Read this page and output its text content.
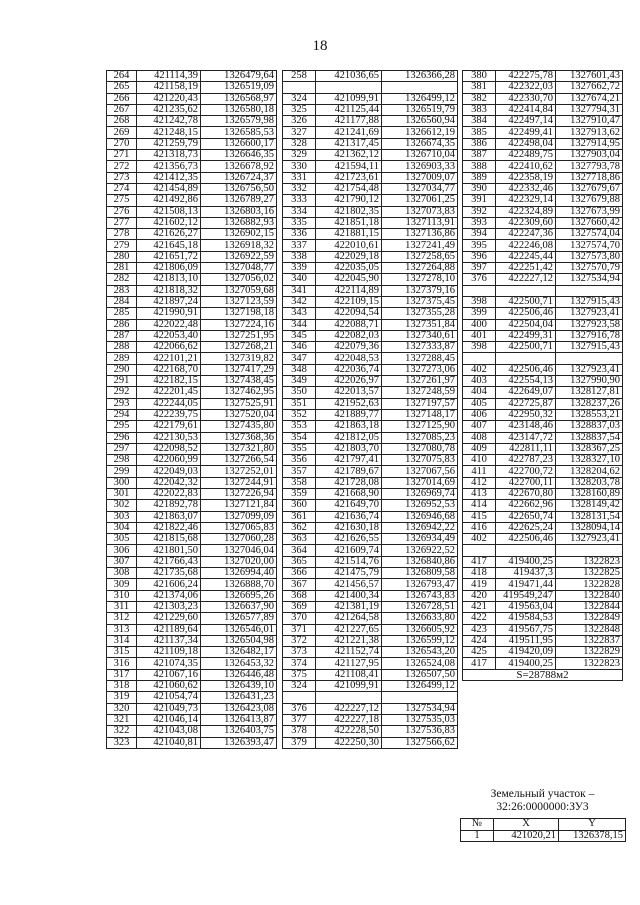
18
264	421114,39	1326479,64
265	421158,19	1326519,09
266	421220,43	1326568,97
267	421235,62	1326580,18
268	421242,78	1326579,98
269	421248,15	1326585,53
270	421259,79	1326600,17
271	421318,73	1326646,35
272	421356,73	1326678,92
273	421412,35	1326724,37
274	421454,89	1326756,50
275	421492,86	1326789,27
276	421508,13	1326803,16
277	421602,12	1326882,93
278	421626,27	1326902,15
279	421645,18	1326918,32
280	421651,72	1326922,59
281	421806,09	1327048,77
282	421813,10	1327056,02
283	421818,32	1327059,68
284	421897,24	1327123,59
285	421990,91	1327198,18
286	422022,48	1327224,16
287	422053,40	1327251,95
288	422066,62	1327268,21
289	422101,21	1327319,82
290	422168,70	1327417,29
291	422182,15	1327438,45
292	422201,45	1327462,95
293	422244,05	1327525,91
294	422239,75	1327520,04
295	422179,61	1327435,80
296	422130,53	1327368,36
297	422098,52	1327321,80
298	422060,99	1327266,54
299	422049,03	1327252,01
300	422042,32	1327244,91
301	422022,83	1327226,94
302	421892,78	1327121,84
303	421863,07	1327099,09
304	421822,46	1327065,83
305	421815,68	1327060,28
306	421801,50	1327046,04
307	421766,43	1327020,00
308	421735,68	1326994,40
309	421606,24	1326888,70
310	421374,06	1326695,26
311	421303,23	1326637,90
312	421229,60	1326577,89
313	421189,64	1326546,01
314	421137,34	1326504,98
315	421109,18	1326482,17
316	421074,35	1326453,32
317	421067,16	1326446,48
318	421060,62	1326439,10
319	421054,74	1326431,23
320	421049,73	1326423,08
321	421046,14	1326413,87
322	421043,08	1326403,75
323	421040,81	1326393,47
258	421036,65	1326366,28

324	421099,91	1326499,12
325	421125,44	1326519,79
326	421177,88	1326560,94
327	421241,69	1326612,19
328	421317,45	1326674,35
329	421362,12	1326710,04
330	421594,11	1326903,33
331	421723,61	1327009,07
332	421754,48	1327034,77
333	421790,12	1327061,25
334	421802,35	1327073,83
335	421851,18	1327113,91
336	421881,15	1327136,86
337	422010,61	1327241,49
338	422029,18	1327258,65
339	422035,05	1327264,88
340	422045,90	1327278,10
341	422114,89	1327379,16
342	422109,15	1327375,45
343	422094,54	1327355,28
344	422088,71	1327351,84
345	422082,03	1327340,61
346	422079,36	1327333,87
347	422048,53	1327288,45
348	422036,74	1327273,06
349	422026,97	1327261,97
350	422013,57	1327248,59
351	421952,63	1327197,57
352	421889,77	1327148,17
353	421863,18	1327125,90
354	421812,05	1327085,23
355	421803,70	1327080,78
356	421797,41	1327075,83
357	421789,67	1327067,56
358	421728,08	1327014,69
359	421668,90	1326969,74
360	421649,70	1326952,53
361	421636,74	1326946,68
362	421630,18	1326942,22
363	421626,55	1326934,49
364	421609,74	1326922,52
365	421514,76	1326840,86
366	421475,79	1326809,58
367	421456,57	1326793,47
368	421400,34	1326743,83
369	421381,19	1326728,51
370	421264,58	1326633,80
371	421227,65	1326605,92
372	421221,38	1326599,12
373	421152,74	1326543,20
374	421127,95	1326524,08
375	421108,41	1326507,50
324	421099,91	1326499,12

376	422227,12	1327534,94
377	422227,18	1327535,03
378	422228,50	1327536,83
379	422250,30	1327566,62
380	422275,78	1327601,43
381	422322,03	1327662,72
382	422330,70	1327674,21
383	422414,84	1327794,31
384	422497,14	1327910,47
385	422499,41	1327913,62
386	422498,04	1327914,95
387	422489,75	1327903,04
388	422410,62	1327793,78
389	422358,19	1327718,86
390	422332,46	1327679,67
391	422329,14	1327679,88
392	422324,89	1327673,99
393	422309,60	1327660,42
394	422247,36	1327574,04
395	422246,08	1327574,70
396	422245,44	1327573,80
397	422251,42	1327570,79
376	422227,12	1327534,94

398	422500,71	1327915,43
399	422506,46	1327923,41
400	422504,04	1327923,58
401	422499,31	1327916,78
398	422500,71	1327915,43

402	422506,46	1327923,41
403	422554,13	1327990,90
404	422649,07	1328127,81
405	422725,87	1328237,26
406	422950,32	1328553,21
407	423148,46	1328837,03
408	423147,72	1328837,54
409	422811,11	1328367,25
410	422787,23	1328327,10
411	422700,72	1328204,62
412	422700,11	1328203,78
413	422670,80	1328160,89
414	422662,96	1328149,42
415	422650,74	1328131,54
416	422625,24	1328094,14
402	422506,46	1327923,41

417	419400,25	1322823
418	419437,3	1322825
419	419471,44	1322828
420	419549,247	1322840
421	419563,04	1322844
422	419584,53	1322849
423	419567,75	1322848
424	419511,95	1322837
425	419420,09	1322829
417	419400,25	1322823
S=28788м2		
Земельный участок –
32:26:0000000:ЗУ3
№	X	Y
1	421020,21	1326378,15
